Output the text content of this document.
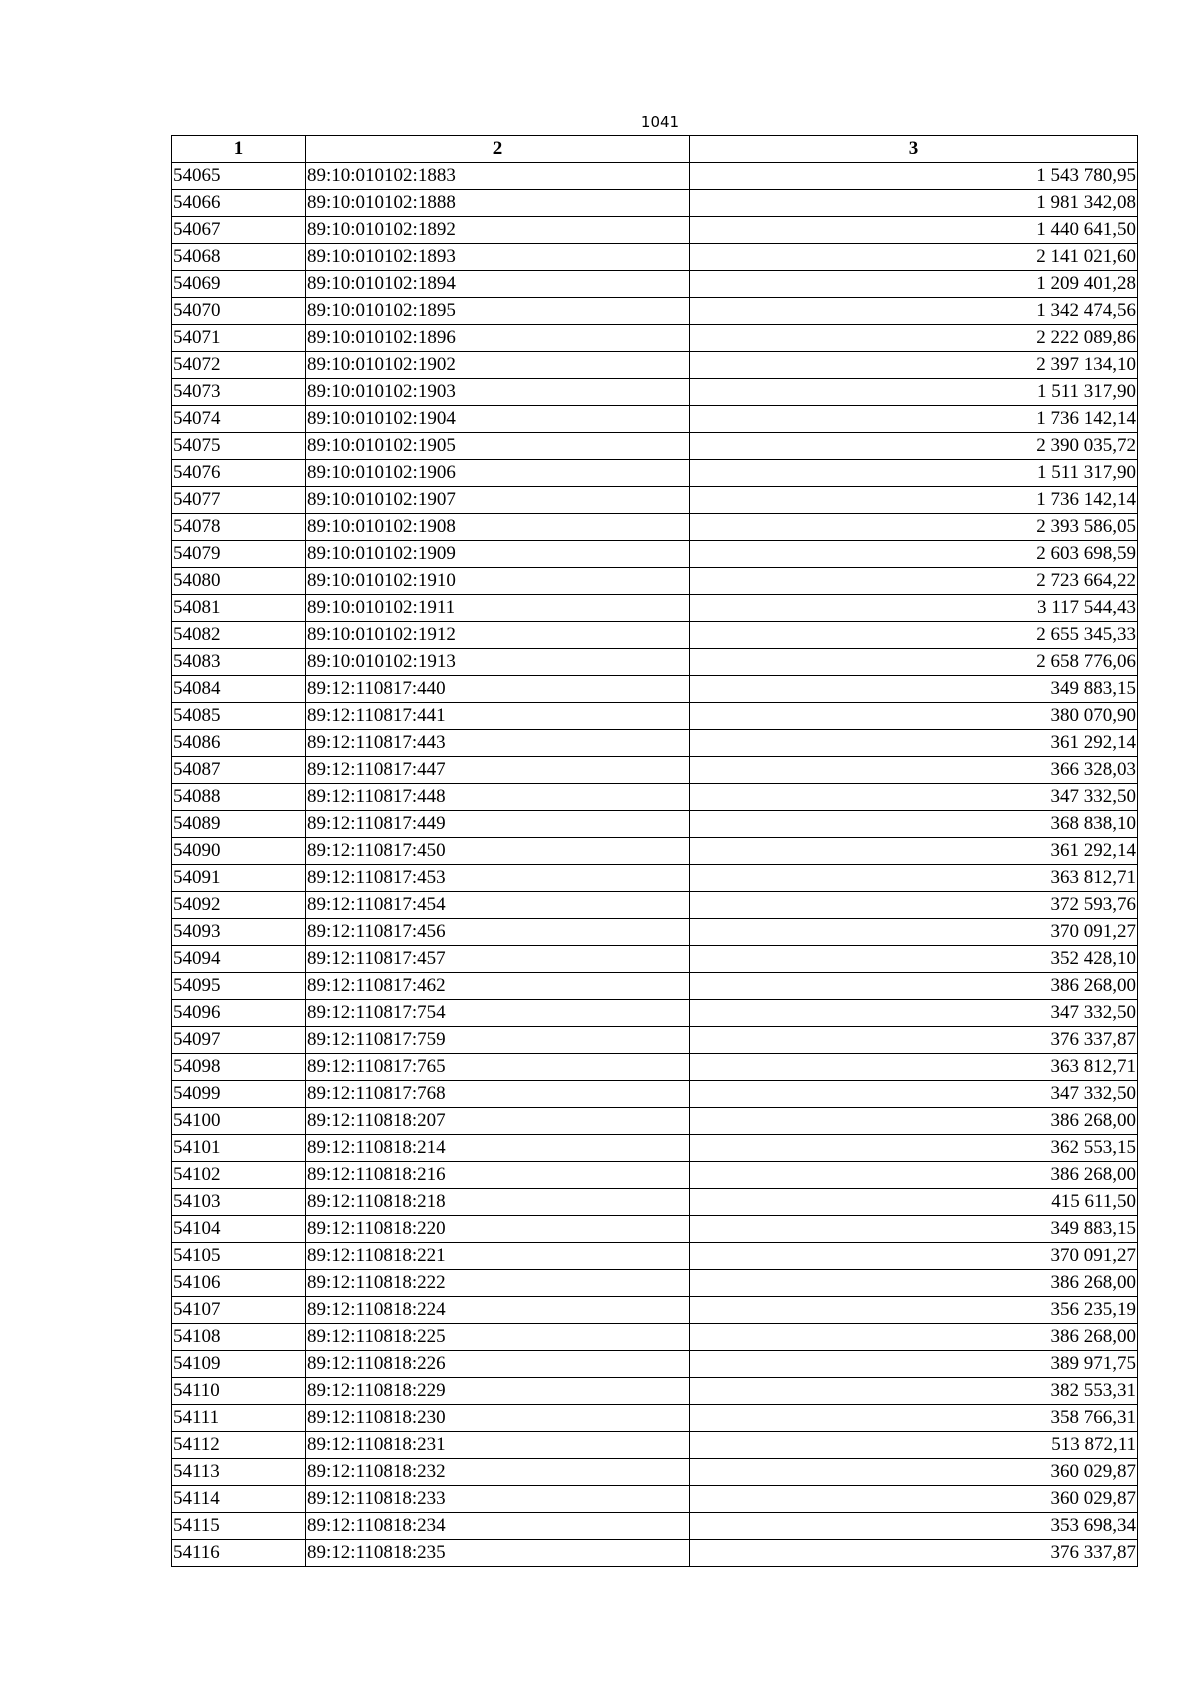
1041
1	2	3
54065	89:10:010102:1883	1 543 780,95
54066	89:10:010102:1888	1 981 342,08
54067	89:10:010102:1892	1 440 641,50
54068	89:10:010102:1893	2 141 021,60
54069	89:10:010102:1894	1 209 401,28
54070	89:10:010102:1895	1 342 474,56
54071	89:10:010102:1896	2 222 089,86
54072	89:10:010102:1902	2 397 134,10
54073	89:10:010102:1903	1 511 317,90
54074	89:10:010102:1904	1 736 142,14
54075	89:10:010102:1905	2 390 035,72
54076	89:10:010102:1906	1 511 317,90
54077	89:10:010102:1907	1 736 142,14
54078	89:10:010102:1908	2 393 586,05
54079	89:10:010102:1909	2 603 698,59
54080	89:10:010102:1910	2 723 664,22
54081	89:10:010102:1911	3 117 544,43
54082	89:10:010102:1912	2 655 345,33
54083	89:10:010102:1913	2 658 776,06
54084	89:12:110817:440	349 883,15
54085	89:12:110817:441	380 070,90
54086	89:12:110817:443	361 292,14
54087	89:12:110817:447	366 328,03
54088	89:12:110817:448	347 332,50
54089	89:12:110817:449	368 838,10
54090	89:12:110817:450	361 292,14
54091	89:12:110817:453	363 812,71
54092	89:12:110817:454	372 593,76
54093	89:12:110817:456	370 091,27
54094	89:12:110817:457	352 428,10
54095	89:12:110817:462	386 268,00
54096	89:12:110817:754	347 332,50
54097	89:12:110817:759	376 337,87
54098	89:12:110817:765	363 812,71
54099	89:12:110817:768	347 332,50
54100	89:12:110818:207	386 268,00
54101	89:12:110818:214	362 553,15
54102	89:12:110818:216	386 268,00
54103	89:12:110818:218	415 611,50
54104	89:12:110818:220	349 883,15
54105	89:12:110818:221	370 091,27
54106	89:12:110818:222	386 268,00
54107	89:12:110818:224	356 235,19
54108	89:12:110818:225	386 268,00
54109	89:12:110818:226	389 971,75
54110	89:12:110818:229	382 553,31
54111	89:12:110818:230	358 766,31
54112	89:12:110818:231	513 872,11
54113	89:12:110818:232	360 029,87
54114	89:12:110818:233	360 029,87
54115	89:12:110818:234	353 698,34
54116	89:12:110818:235	376 337,87
